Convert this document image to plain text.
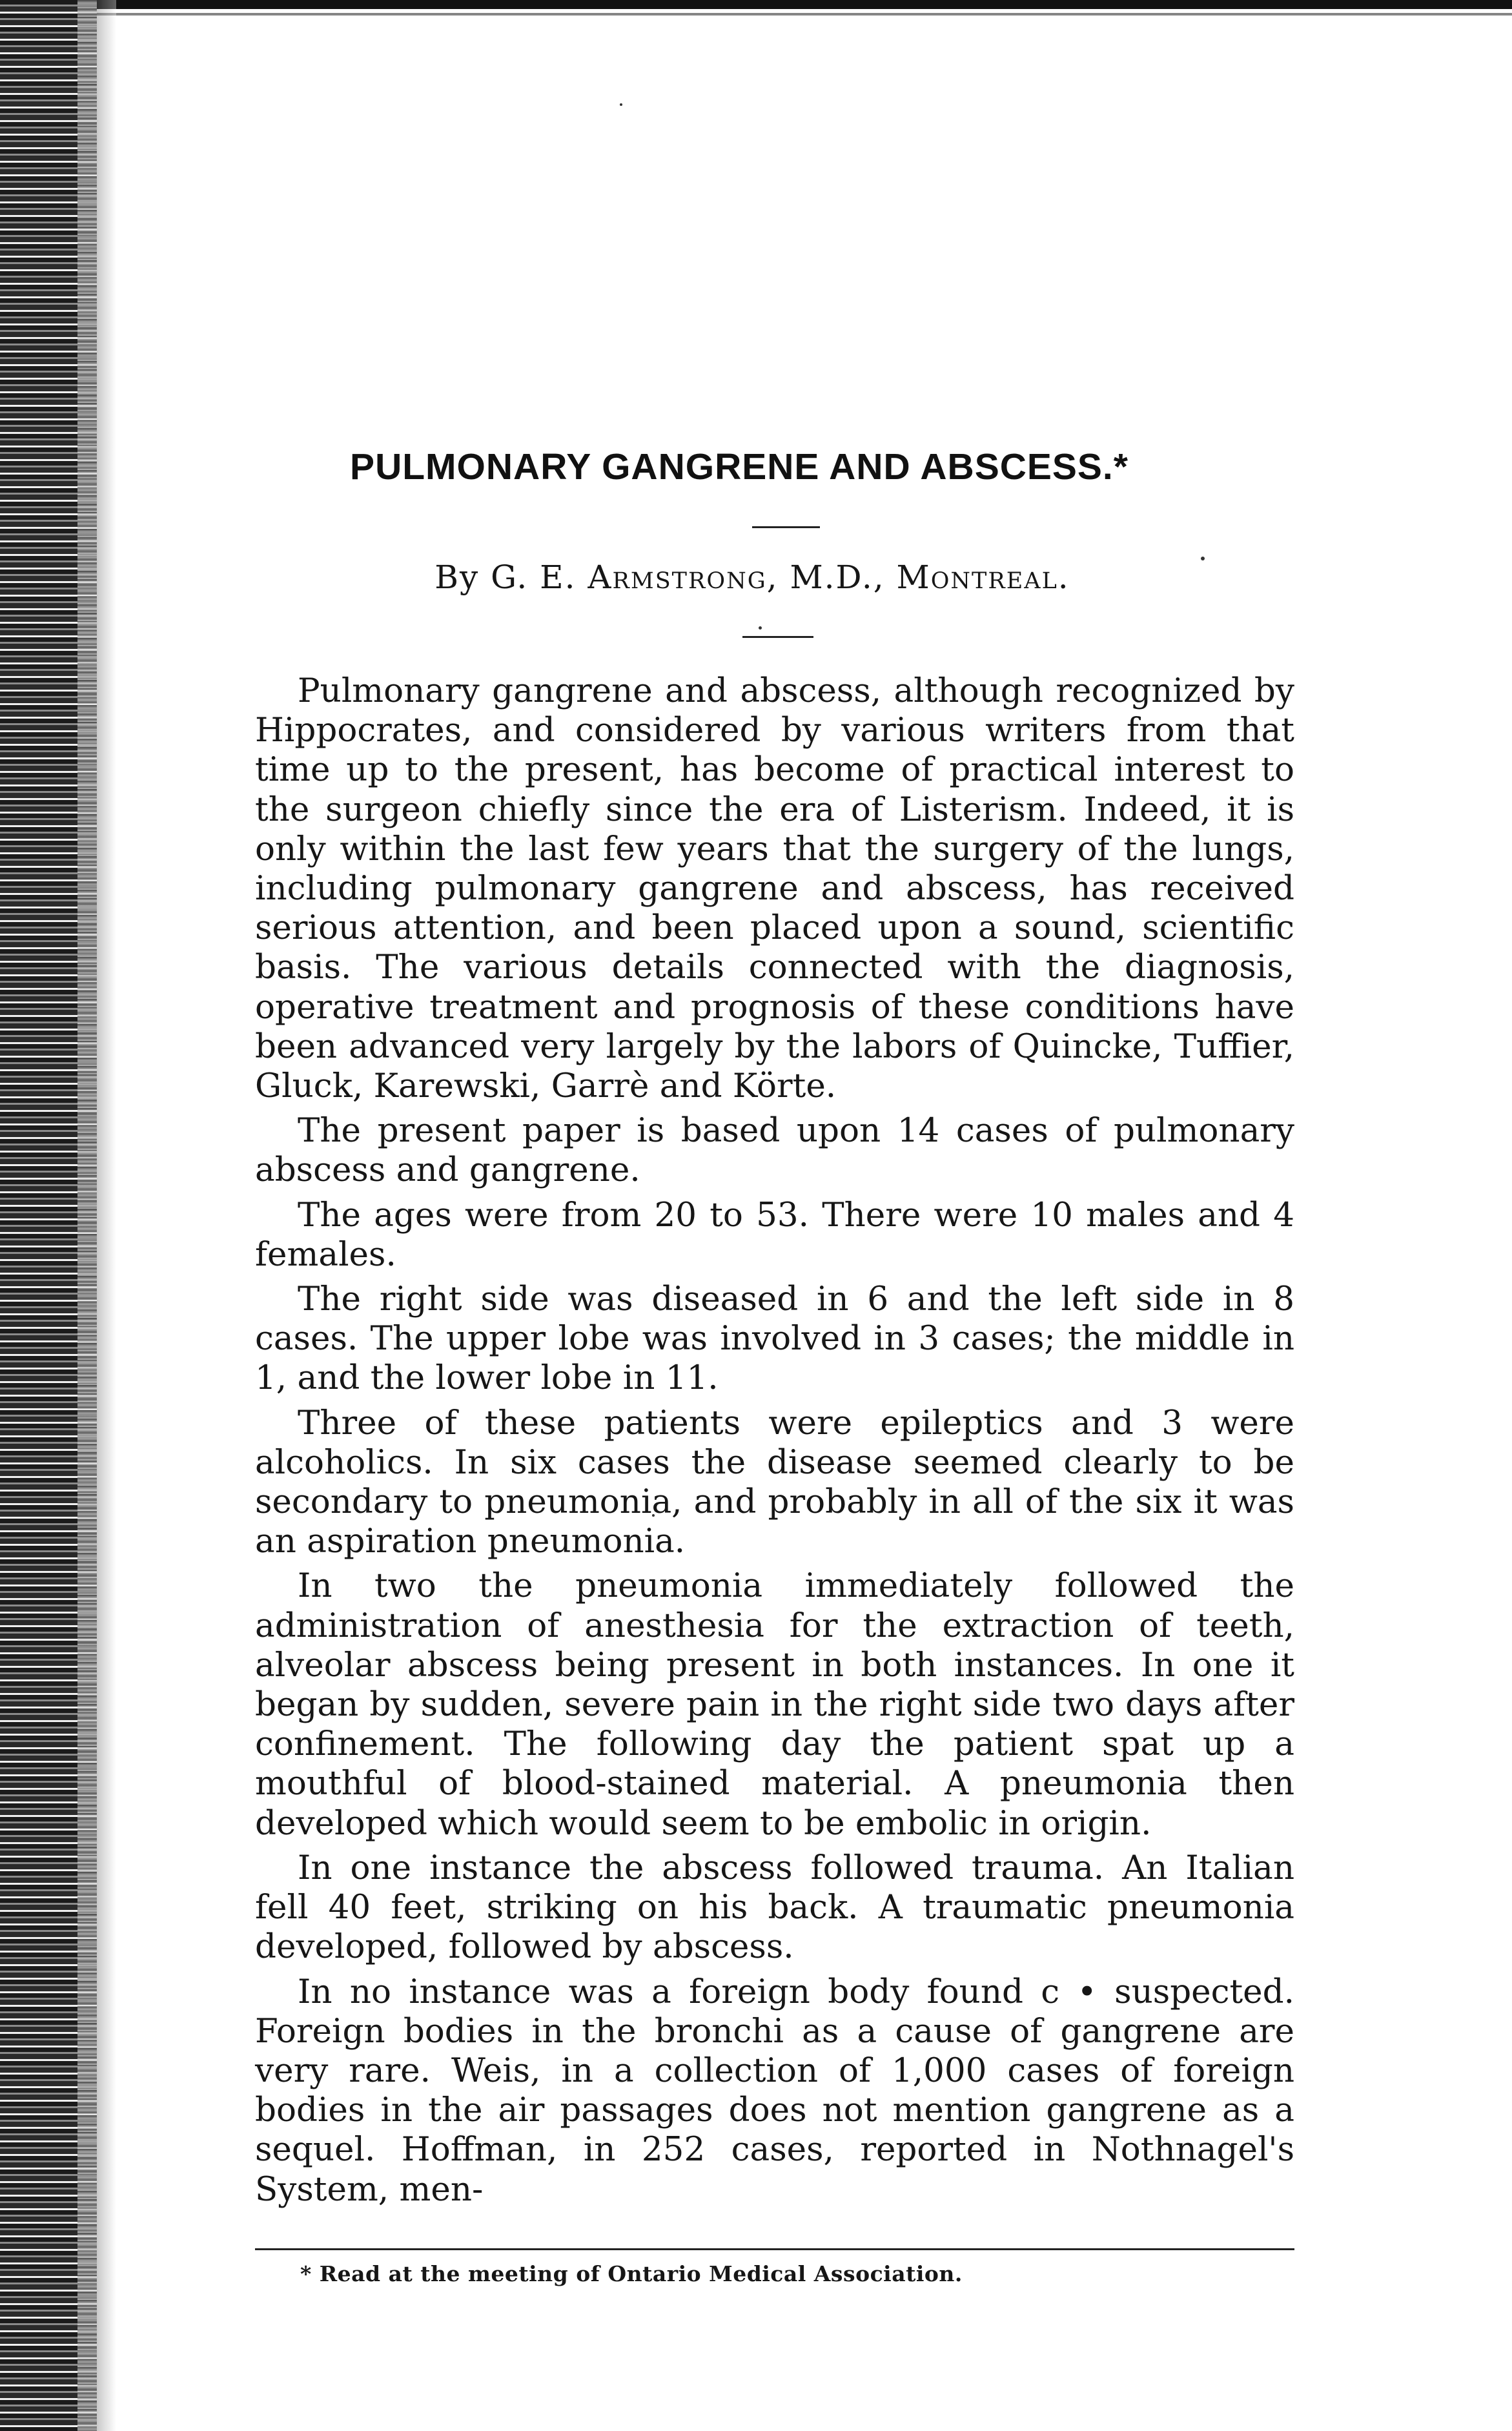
PULMONARY GANGRENE AND ABSCESS.*
By G. E. Armstrong, M.D., Montreal.

Pulmonary gangrene and abscess, although recognized by Hippocrates, and considered by various writers from that time up to the present, has become of practical interest to the surgeon chiefly since the era of Listerism. Indeed, it is only within the last few years that the surgery of the lungs, including pulmonary gangrene and abscess, has received serious attention, and been placed upon a sound, scientific basis. The various details connected with the diagnosis, operative treatment and prognosis of these conditions have been advanced very largely by the labors of Quincke, Tuffier, Gluck, Karewski, Garrè and Körte.

The present paper is based upon 14 cases of pulmonary abscess and gangrene.

The ages were from 20 to 53. There were 10 males and 4 females.

The right side was diseased in 6 and the left side in 8 cases. The upper lobe was involved in 3 cases; the middle in 1, and the lower lobe in 11.

Three of these patients were epileptics and 3 were alcoholics. In six cases the disease seemed clearly to be secondary to pneumonia, and probably in all of the six it was an aspiration pneumonia.

In two the pneumonia immediately followed the administration of anesthesia for the extraction of teeth, alveolar abscess being present in both instances. In one it began by sudden, severe pain in the right side two days after confinement. The following day the patient spat up a mouthful of blood-stained material. A pneumonia then developed which would seem to be embolic in origin.

In one instance the abscess followed trauma. An Italian fell 40 feet, striking on his back. A traumatic pneumonia developed, followed by abscess.

In no instance was a foreign body found c • suspected. Foreign bodies in the bronchi as a cause of gangrene are very rare. Weis, in a collection of 1,000 cases of foreign bodies in the air passages does not mention gangrene as a sequel. Hoffman, in 252 cases, reported in Nothnagel's System, men-

* Read at the meeting of Ontario Medical Association.
